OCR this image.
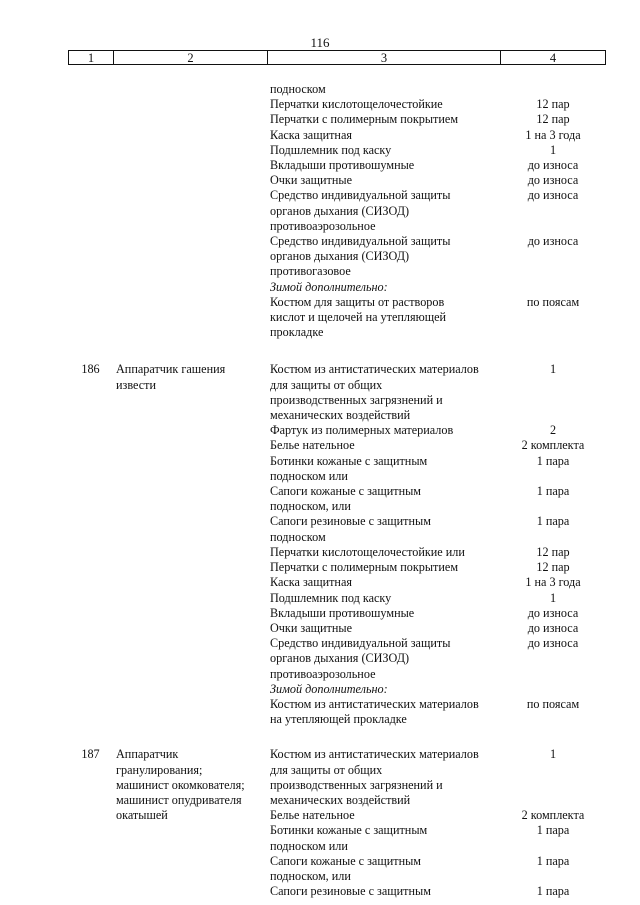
116
1	2	3	4
подноском
Перчатки кислотощелочестойкие	12 пар
Перчатки с полимерным покрытием	12 пар
Каска защитная	1 на 3 года
Подшлемник под каску	1
Вкладыши противошумные	до износа
Очки защитные	до износа
Средство индивидуальной защиты	до износа
органов дыхания (СИЗОД)
противоаэрозольное
Средство индивидуальной защиты	до износа
органов дыхания (СИЗОД)
противогазовое
Зимой дополнительно:
Костюм для защиты от растворов	по поясам
кислот и щелочей на утепляющей
прокладке
186	Аппаратчик гашения	Костюм из антистатических материалов	1
извести	для защиты от общих
производственных загрязнений и
механических воздействий
Фартук из полимерных материалов	2
Белье нательное	2 комплекта
Ботинки кожаные с защитным	1 пара
подноском или
Сапоги кожаные с защитным	1 пара
подноском, или
Сапоги резиновые с защитным	1 пара
подноском
Перчатки кислотощелочестойкие или	12 пар
Перчатки с полимерным покрытием	12 пар
Каска защитная	1 на 3 года
Подшлемник под каску	1
Вкладыши противошумные	до износа
Очки защитные	до износа
Средство индивидуальной защиты	до износа
органов дыхания (СИЗОД)
противоаэрозольное
Зимой дополнительно:
Костюм из антистатических материалов	по поясам
на утепляющей прокладке
187	Аппаратчик	Костюм из антистатических материалов	1
гранулирования;	для защиты от общих
машинист окомкователя;	производственных загрязнений и
машинист опудривателя	механических воздействий
окатышей	Белье нательное	2 комплекта
Ботинки кожаные с защитным	1 пара
подноском или
Сапоги кожаные с защитным	1 пара
подноском, или
Сапоги резиновые с защитным	1 пара
